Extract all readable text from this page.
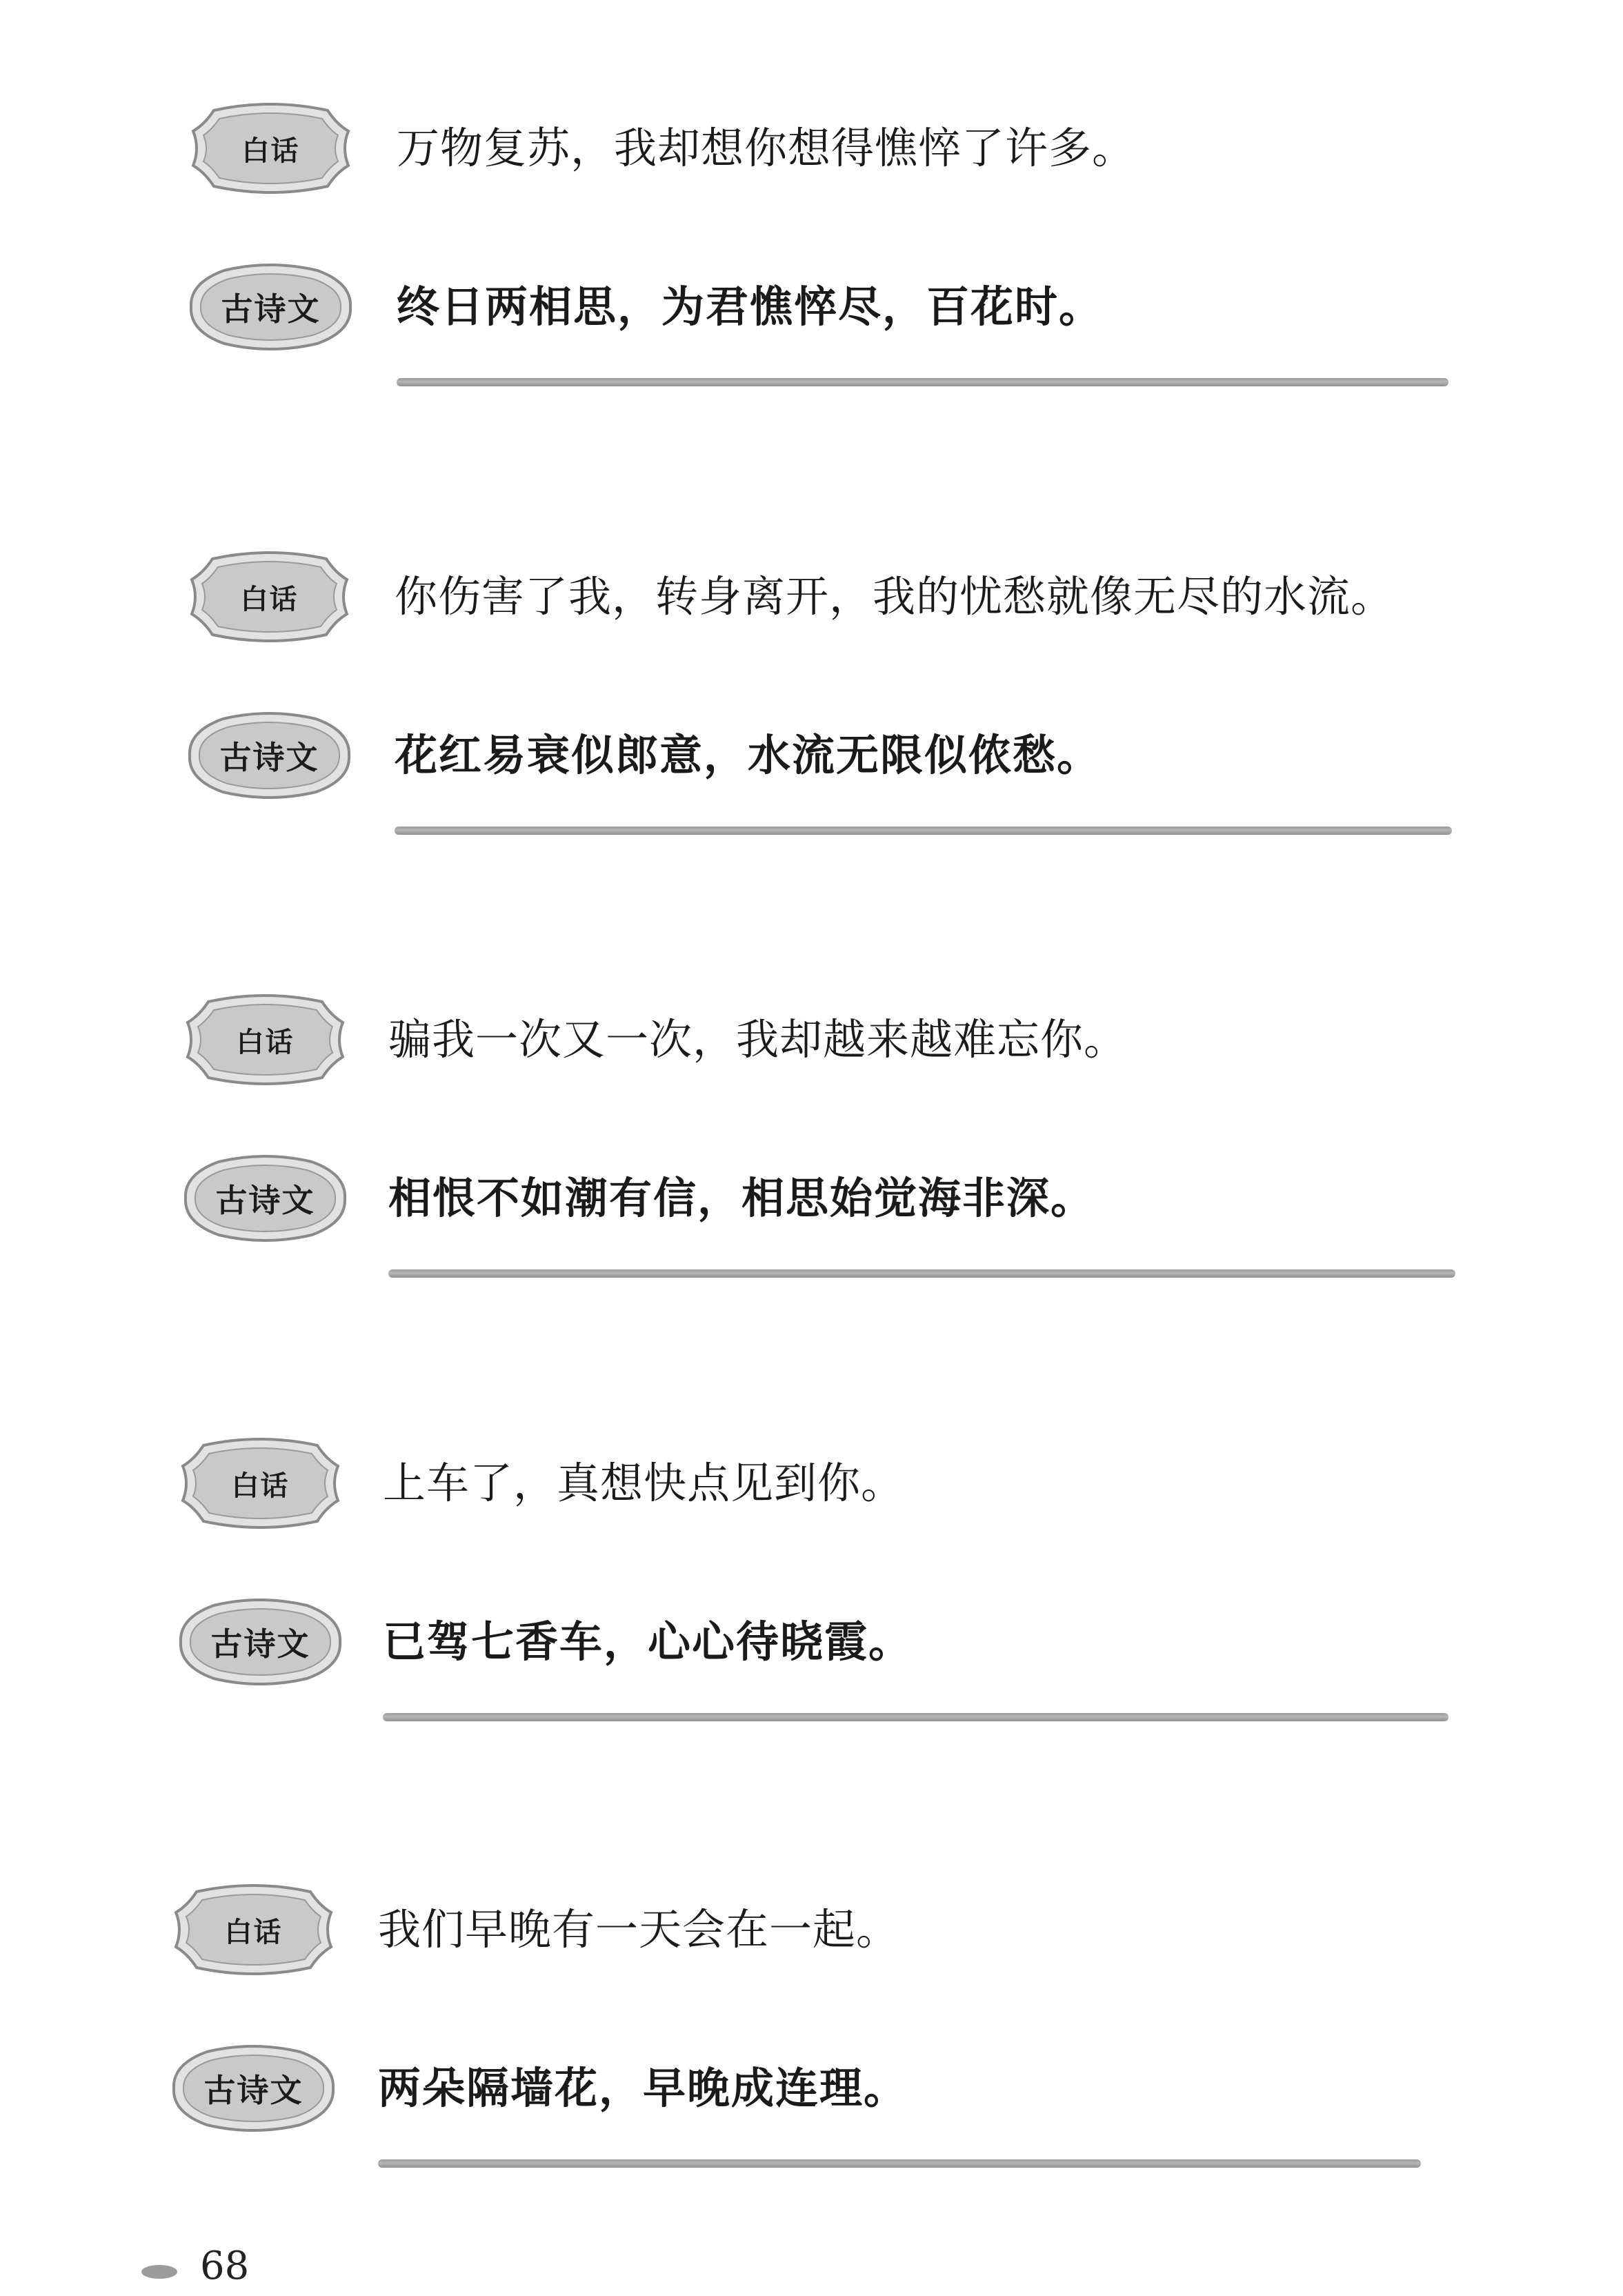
白话 万物复苏，我却想你想得憔悴了许多。
古诗文 终日两相思，为君憔悴尽，百花时。
白话 你伤害了我，转身离开，我的忧愁就像无尽的水流。
古诗文 花红易衰似郎意，水流无限似侬愁。
白话 骗我一次又一次，我却越来越难忘你。
古诗文 相恨不如潮有信，相思始觉海非深。
白话 上车了，真想快点见到你。
古诗文 已驾七香车，心心待晓霞。
白话 我们早晚有一天会在一起。
古诗文 两朵隔墙花，早晚成连理。
68
